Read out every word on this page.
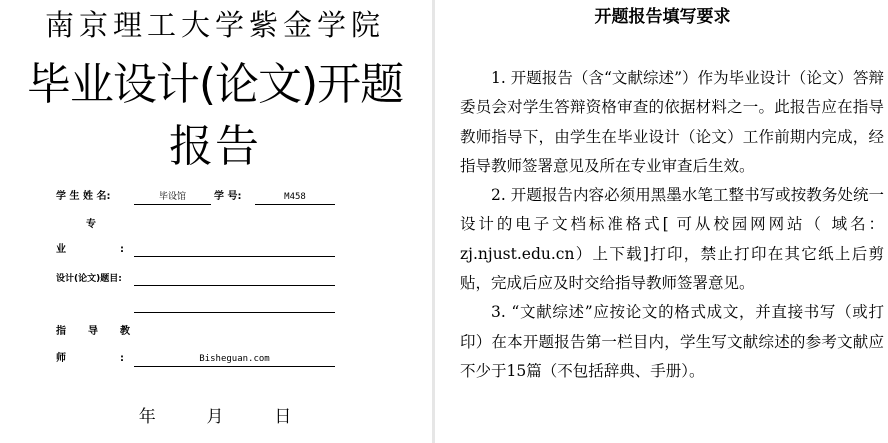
南京理工大学紫金学院
毕业设计(论文)开题
报告
学 生 姓 名:	毕设馆	学 号:	M458
专
业	:
设计(论文)题目:
指 导 教
师	:	Bisheguan.com
年	月	日
开题报告填写要求

1. 开题报告（含“文献综述”）作为毕业设计（论文）答辩委员会对学生答辩资格审查的依据材料之一。此报告应在指导教师指导下，由学生在毕业设计（论文）工作前期内完成，经指导教师签署意见及所在专业审查后生效。

2. 开题报告内容必须用黑墨水笔工整书写或按教务处统一设计的电子文档标准格式[ 可从校园网网站（ 域名：zj.njust.edu.cn）上下载]打印，禁止打印在其它纸上后剪贴，完成后应及时交给指导教师签署意见。

3. “文献综述”应按论文的格式成文，并直接书写（或打印）在本开题报告第一栏目内，学生写文献综述的参考文献应不少于15篇（不包括辞典、手册）。
